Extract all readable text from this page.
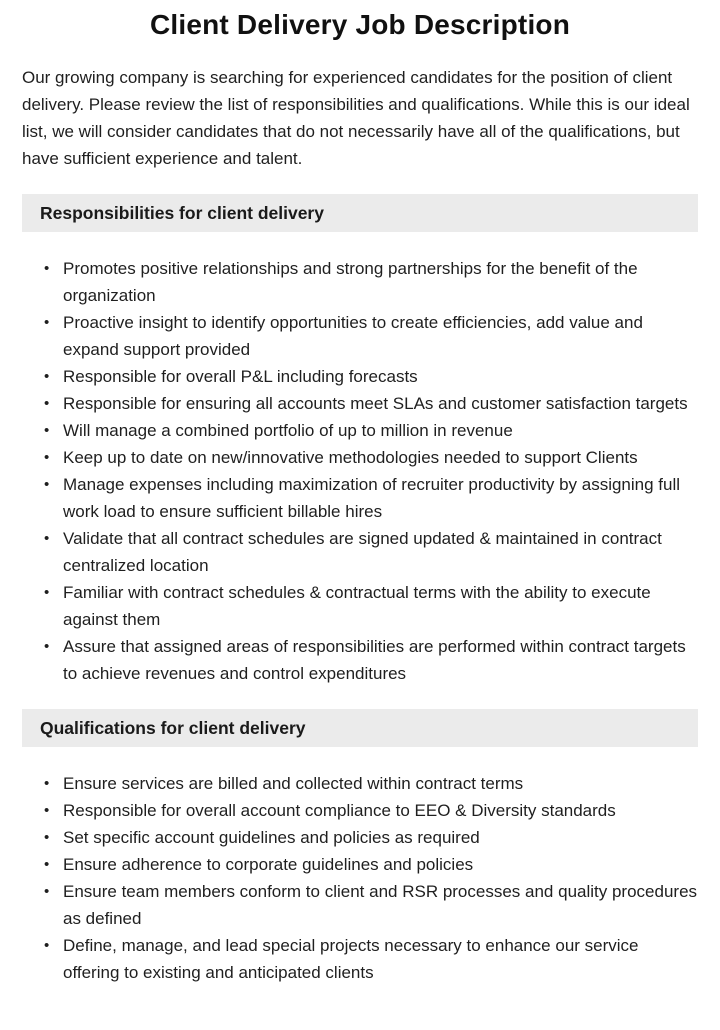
Client Delivery Job Description

Our growing company is searching for experienced candidates for the position of client delivery. Please review the list of responsibilities and qualifications. While this is our ideal list, we will consider candidates that do not necessarily have all of the qualifications, but have sufficient experience and talent.

Responsibilities for client delivery
• Promotes positive relationships and strong partnerships for the benefit of the organization
• Proactive insight to identify opportunities to create efficiencies, add value and expand support provided
• Responsible for overall P&L including forecasts
• Responsible for ensuring all accounts meet SLAs and customer satisfaction targets
• Will manage a combined portfolio of up to million in revenue
• Keep up to date on new/innovative methodologies needed to support Clients
• Manage expenses including maximization of recruiter productivity by assigning full work load to ensure sufficient billable hires
• Validate that all contract schedules are signed updated & maintained in contract centralized location
• Familiar with contract schedules & contractual terms with the ability to execute against them
• Assure that assigned areas of responsibilities are performed within contract targets to achieve revenues and control expenditures
Qualifications for client delivery
• Ensure services are billed and collected within contract terms
• Responsible for overall account compliance to EEO & Diversity standards
• Set specific account guidelines and policies as required
• Ensure adherence to corporate guidelines and policies
• Ensure team members conform to client and RSR processes and quality procedures as defined
• Define, manage, and lead special projects necessary to enhance our service offering to existing and anticipated clients
